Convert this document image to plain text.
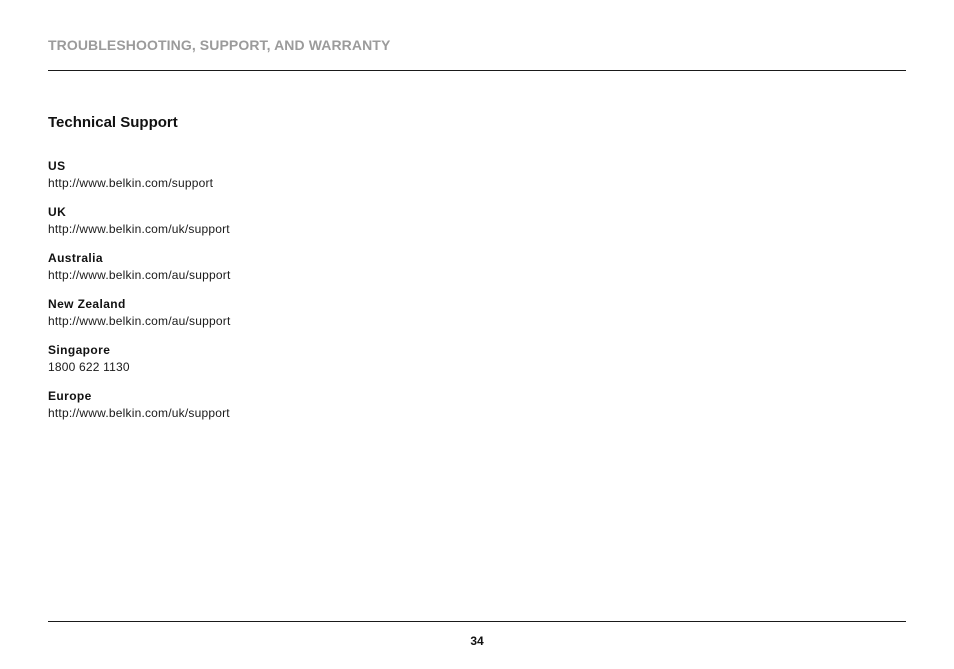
TROUBLESHOOTING, SUPPORT, AND WARRANTY
Technical Support
US
http://www.belkin.com/support
UK
http://www.belkin.com/uk/support
Australia
http://www.belkin.com/au/support
New Zealand
http://www.belkin.com/au/support
Singapore
1800 622 1130
Europe
http://www.belkin.com/uk/support
34
